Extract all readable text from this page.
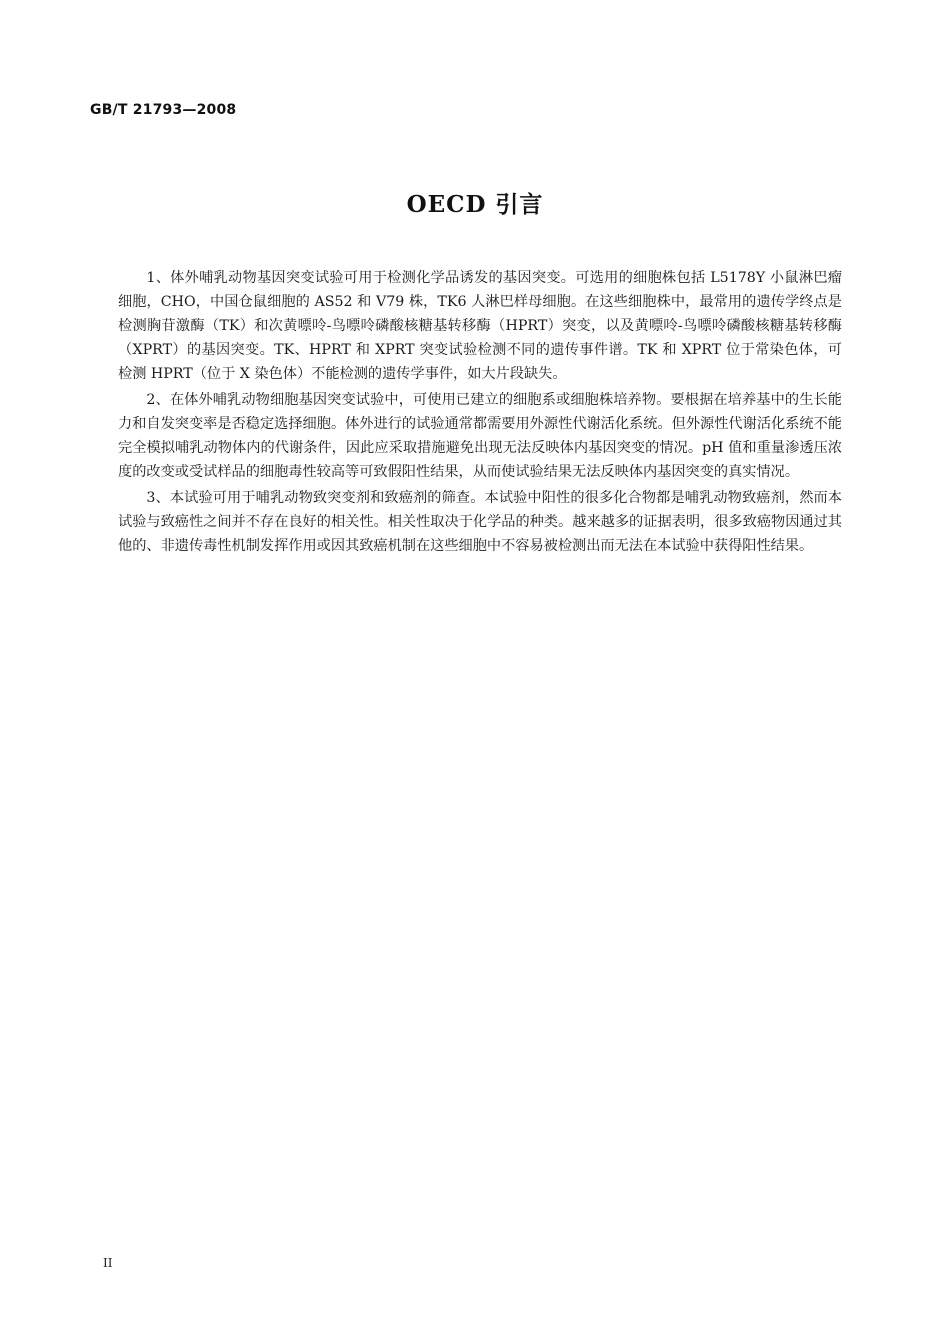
GB/T 21793—2008
OECD 引言

1、体外哺乳动物基因突变试验可用于检测化学品诱发的基因突变。可选用的细胞株包括 L5178Y 小鼠淋巴瘤细胞，CHO，中国仓鼠细胞的 AS52 和 V79 株，TK6 人淋巴样母细胞。在这些细胞株中，最常用的遗传学终点是检测胸苷激酶（TK）和次黄嘌呤-鸟嘌呤磷酸核糖基转移酶（HPRT）突变，以及黄嘌呤-鸟嘌呤磷酸核糖基转移酶（XPRT）的基因突变。TK、HPRT 和 XPRT 突变试验检测不同的遗传事件谱。TK 和 XPRT 位于常染色体，可检测 HPRT（位于 X 染色体）不能检测的遗传学事件，如大片段缺失。

2、在体外哺乳动物细胞基因突变试验中，可使用已建立的细胞系或细胞株培养物。要根据在培养基中的生长能力和自发突变率是否稳定选择细胞。体外进行的试验通常都需要用外源性代谢活化系统。但外源性代谢活化系统不能完全模拟哺乳动物体内的代谢条件，因此应采取措施避免出现无法反映体内基因突变的情况。pH 值和重量渗透压浓度的改变或受试样品的细胞毒性较高等可致假阳性结果，从而使试验结果无法反映体内基因突变的真实情况。

3、本试验可用于哺乳动物致突变剂和致癌剂的筛查。本试验中阳性的很多化合物都是哺乳动物致癌剂，然而本试验与致癌性之间并不存在良好的相关性。相关性取决于化学品的种类。越来越多的证据表明，很多致癌物因通过其他的、非遗传毒性机制发挥作用或因其致癌机制在这些细胞中不容易被检测出而无法在本试验中获得阳性结果。

II
